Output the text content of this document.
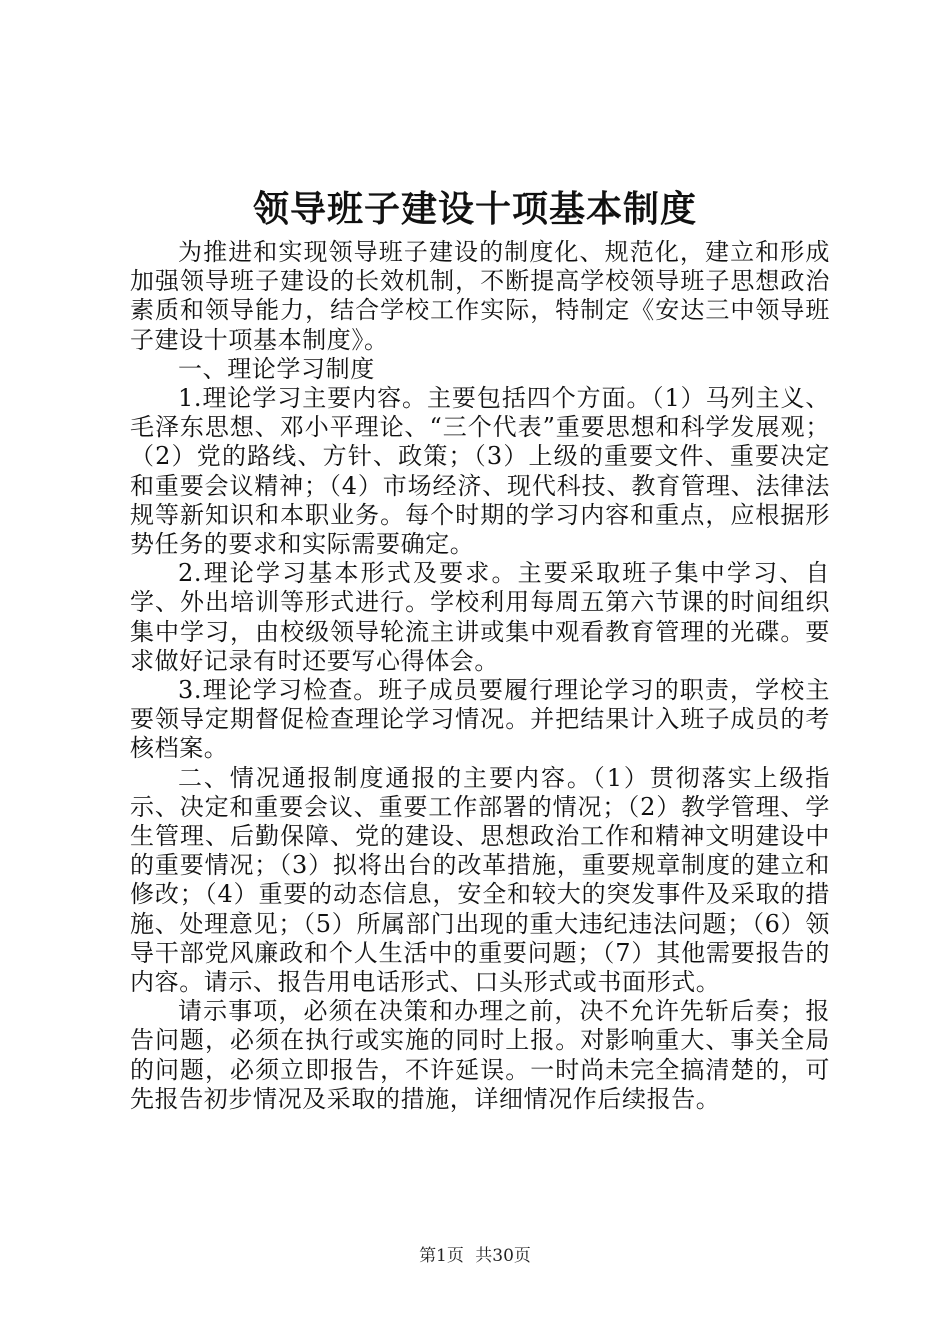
领导班子建设十项基本制度

为推进和实现领导班子建设的制度化、规范化，建立和形成加强领导班子建设的长效机制，不断提高学校领导班子思想政治素质和领导能力，结合学校工作实际，特制定《安达三中领导班子建设十项基本制度》。

一、理论学习制度

1.理论学习主要内容。主要包括四个方面。（1）马列主义、毛泽东思想、邓小平理论、“三个代表”重要思想和科学发展观；（2）党的路线、方针、政策；（3）上级的重要文件、重要决定和重要会议精神；（4）市场经济、现代科技、教育管理、法律法规等新知识和本职业务。每个时期的学习内容和重点，应根据形势任务的要求和实际需要确定。

2.理论学习基本形式及要求。主要采取班子集中学习、自学、外出培训等形式进行。学校利用每周五第六节课的时间组织集中学习，由校级领导轮流主讲或集中观看教育管理的光碟。要求做好记录有时还要写心得体会。

3.理论学习检查。班子成员要履行理论学习的职责，学校主要领导定期督促检查理论学习情况。并把结果计入班子成员的考核档案。

二、情况通报制度通报的主要内容。（1）贯彻落实上级指示、决定和重要会议、重要工作部署的情况；（2）教学管理、学生管理、后勤保障、党的建设、思想政治工作和精神文明建设中的重要情况；（3）拟将出台的改革措施，重要规章制度的建立和修改；（4）重要的动态信息，安全和较大的突发事件及采取的措施、处理意见；（5）所属部门出现的重大违纪违法问题；（6）领导干部党风廉政和个人生活中的重要问题；（7）其他需要报告的内容。请示、报告用电话形式、口头形式或书面形式。

请示事项，必须在决策和办理之前，决不允许先斩后奏；报告问题，必须在执行或实施的同时上报。对影响重大、事关全局的问题，必须立即报告，不许延误。一时尚未完全搞清楚的，可先报告初步情况及采取的措施，详细情况作后续报告。

第1页 共30页
